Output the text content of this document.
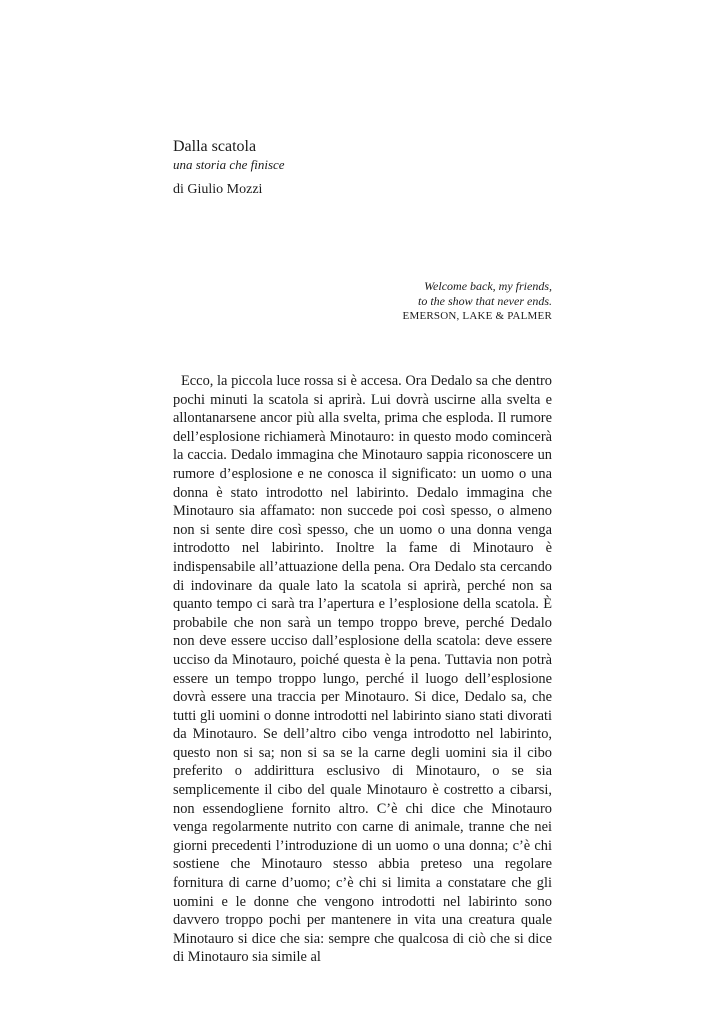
Dalla scatola

una storia che finisce

di Giulio Mozzi

Welcome back, my friends,
to the show that never ends.
EMERSON, LAKE & PALMER

Ecco, la piccola luce rossa si è accesa. Ora Dedalo sa che dentro pochi minuti la scatola si aprirà. Lui dovrà uscirne alla svelta e allontanarsene ancor più alla svelta, prima che esploda. Il rumore dell’esplosione richiamerà Minotauro: in questo modo comincerà la caccia. Dedalo immagina che Minotauro sappia riconoscere un rumore d’esplosione e ne conosca il significato: un uomo o una donna è stato introdotto nel labirinto. Dedalo immagina che Minotauro sia affamato: non succede poi così spesso, o almeno non si sente dire così spesso, che un uomo o una donna venga introdotto nel labirinto. Inoltre la fame di Minotauro è indispensabile all’attuazione della pena. Ora Dedalo sta cercando di indovinare da quale lato la scatola si aprirà, perché non sa quanto tempo ci sarà tra l’apertura e l’esplosione della scatola. È probabile che non sarà un tempo troppo breve, perché Dedalo non deve essere ucciso dall’esplosione della scatola: deve essere ucciso da Minotauro, poiché questa è la pena. Tuttavia non potrà essere un tempo troppo lungo, perché il luogo dell’esplosione dovrà essere una traccia per Minotauro. Si dice, Dedalo sa, che tutti gli uomini o donne introdotti nel labirinto siano stati divorati da Minotauro. Se dell’altro cibo venga introdotto nel labirinto, questo non si sa; non si sa se la carne degli uomini sia il cibo preferito o addirittura esclusivo di Minotauro, o se sia semplicemente il cibo del quale Minotauro è costretto a cibarsi, non essendogliene fornito altro. C’è chi dice che Minotauro venga regolarmente nutrito con carne di animale, tranne che nei giorni precedenti l’introduzione di un uomo o una donna; c’è chi sostiene che Minotauro stesso abbia preteso una regolare fornitura di carne d’uomo; c’è chi si limita a constatare che gli uomini e le donne che vengono introdotti nel labirinto sono davvero troppo pochi per mantenere in vita una creatura quale Minotauro si dice che sia: sempre che qualcosa di ciò che si dice di Minotauro sia simile al
